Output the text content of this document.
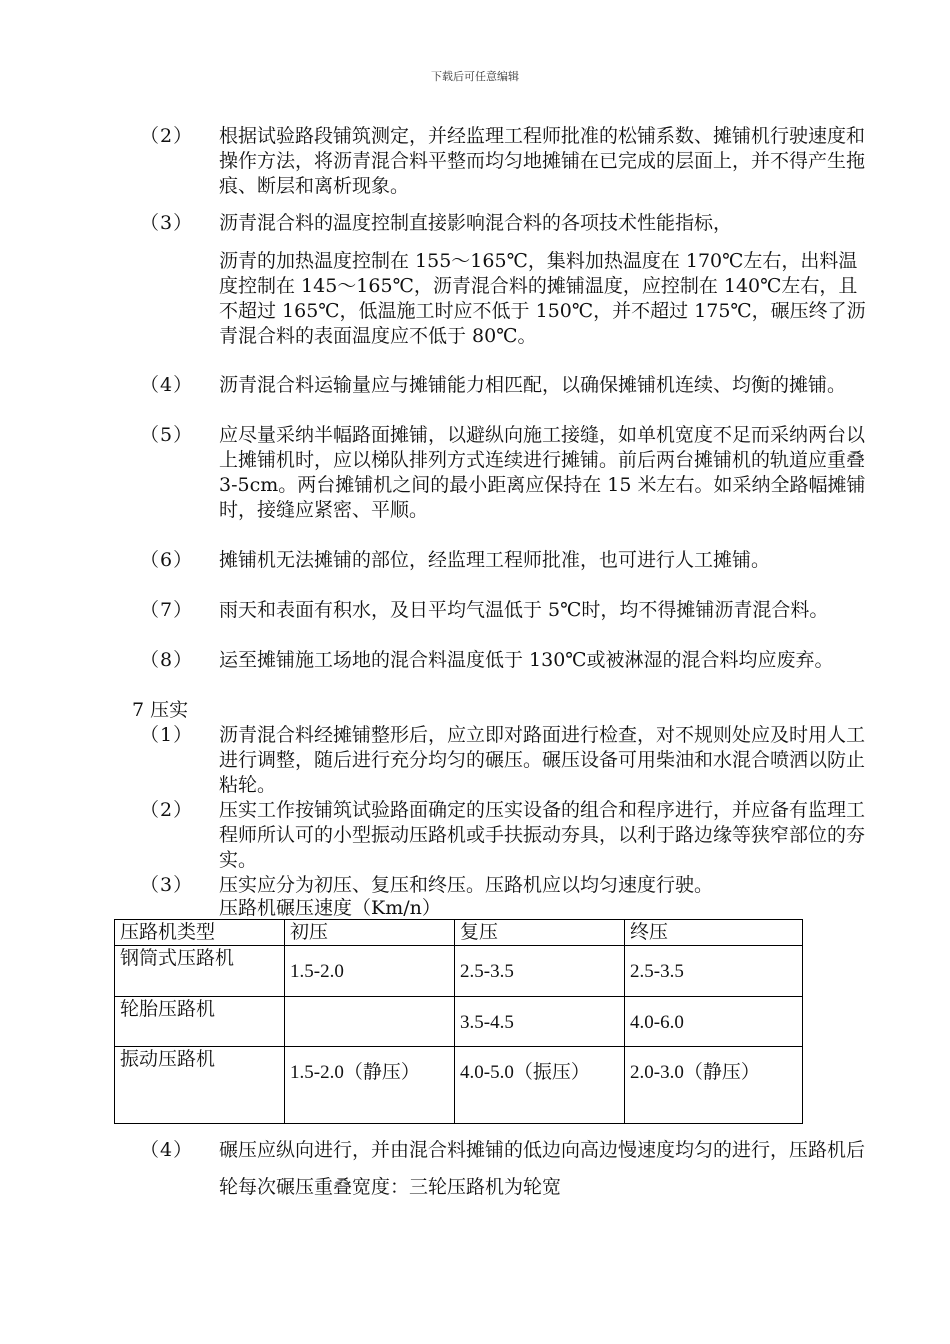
下载后可任意编辑
（2） 根据试验路段铺筑测定，并经监理工程师批准的松铺系数、摊铺机行驶速度和操作方法，将沥青混合料平整而均匀地摊铺在已完成的层面上，并不得产生拖痕、断层和离析现象。
（3） 沥青混合料的温度控制直接影响混合料的各项技术性能指标，
沥青的加热温度控制在 155～165℃，集料加热温度在 170℃左右，出料温度控制在 145～165℃，沥青混合料的摊铺温度，应控制在 140℃左右，且不超过 165℃，低温施工时应不低于 150℃，并不超过 175℃，碾压终了沥青混合料的表面温度应不低于 80℃。
（4） 沥青混合料运输量应与摊铺能力相匹配，以确保摊铺机连续、均衡的摊铺。
（5） 应尽量采纳半幅路面摊铺，以避纵向施工接缝，如单机宽度不足而采纳两台以上摊铺机时，应以梯队排列方式连续进行摊铺。前后两台摊铺机的轨道应重叠 3-5cm。两台摊铺机之间的最小距离应保持在 15 米左右。如采纳全路幅摊铺时，接缝应紧密、平顺。
（6） 摊铺机无法摊铺的部位，经监理工程师批准，也可进行人工摊铺。
（7） 雨天和表面有积水，及日平均气温低于 5℃时，均不得摊铺沥青混合料。
（8） 运至摊铺施工场地的混合料温度低于 130℃或被淋湿的混合料均应废弃。
7 压实
（1） 沥青混合料经摊铺整形后，应立即对路面进行检查，对不规则处应及时用人工进行调整，随后进行充分均匀的碾压。碾压设备可用柴油和水混合喷洒以防止粘轮。
（2） 压实工作按铺筑试验路面确定的压实设备的组合和程序进行，并应备有监理工程师所认可的小型振动压路机或手扶振动夯具，以利于路边缘等狭窄部位的夯实。
（3） 压实应分为初压、复压和终压。压路机应以均匀速度行驶。
压路机碾压速度（Km/n）
压路机类型	初压	复压	终压
钢筒式压路机	1.5-2.0	2.5-3.5	2.5-3.5
轮胎压路机		3.5-4.5	4.0-6.0
振动压路机	1.5-2.0（静压）	4.0-5.0（振压）	2.0-3.0（静压）
（4） 碾压应纵向进行，并由混合料摊铺的低边向高边慢速度均匀的进行，压路机后轮每次碾压重叠宽度：三轮压路机为轮宽
